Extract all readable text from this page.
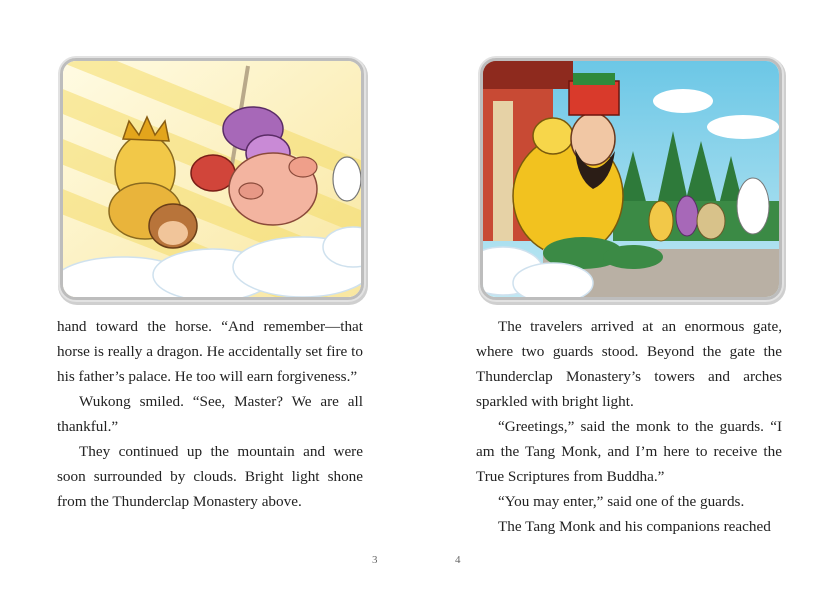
hand toward the horse. “And remember—that horse is really a dragon. He accidentally set fire to his father’s palace. He too will earn forgiveness.”

Wukong smiled. “See, Master? We are all thankful.”

They continued up the mountain and were soon surrounded by clouds. Bright light shone from the Thunderclap Monastery above.

3

The travelers arrived at an enormous gate, where two guards stood. Beyond the gate the Thunderclap Monastery’s towers and arches sparkled with bright light.

“Greetings,” said the monk to the guards. “I am the Tang Monk, and I’m here to receive the True Scriptures from Buddha.”

“You may enter,” said one of the guards.

The Tang Monk and his companions reached

4
